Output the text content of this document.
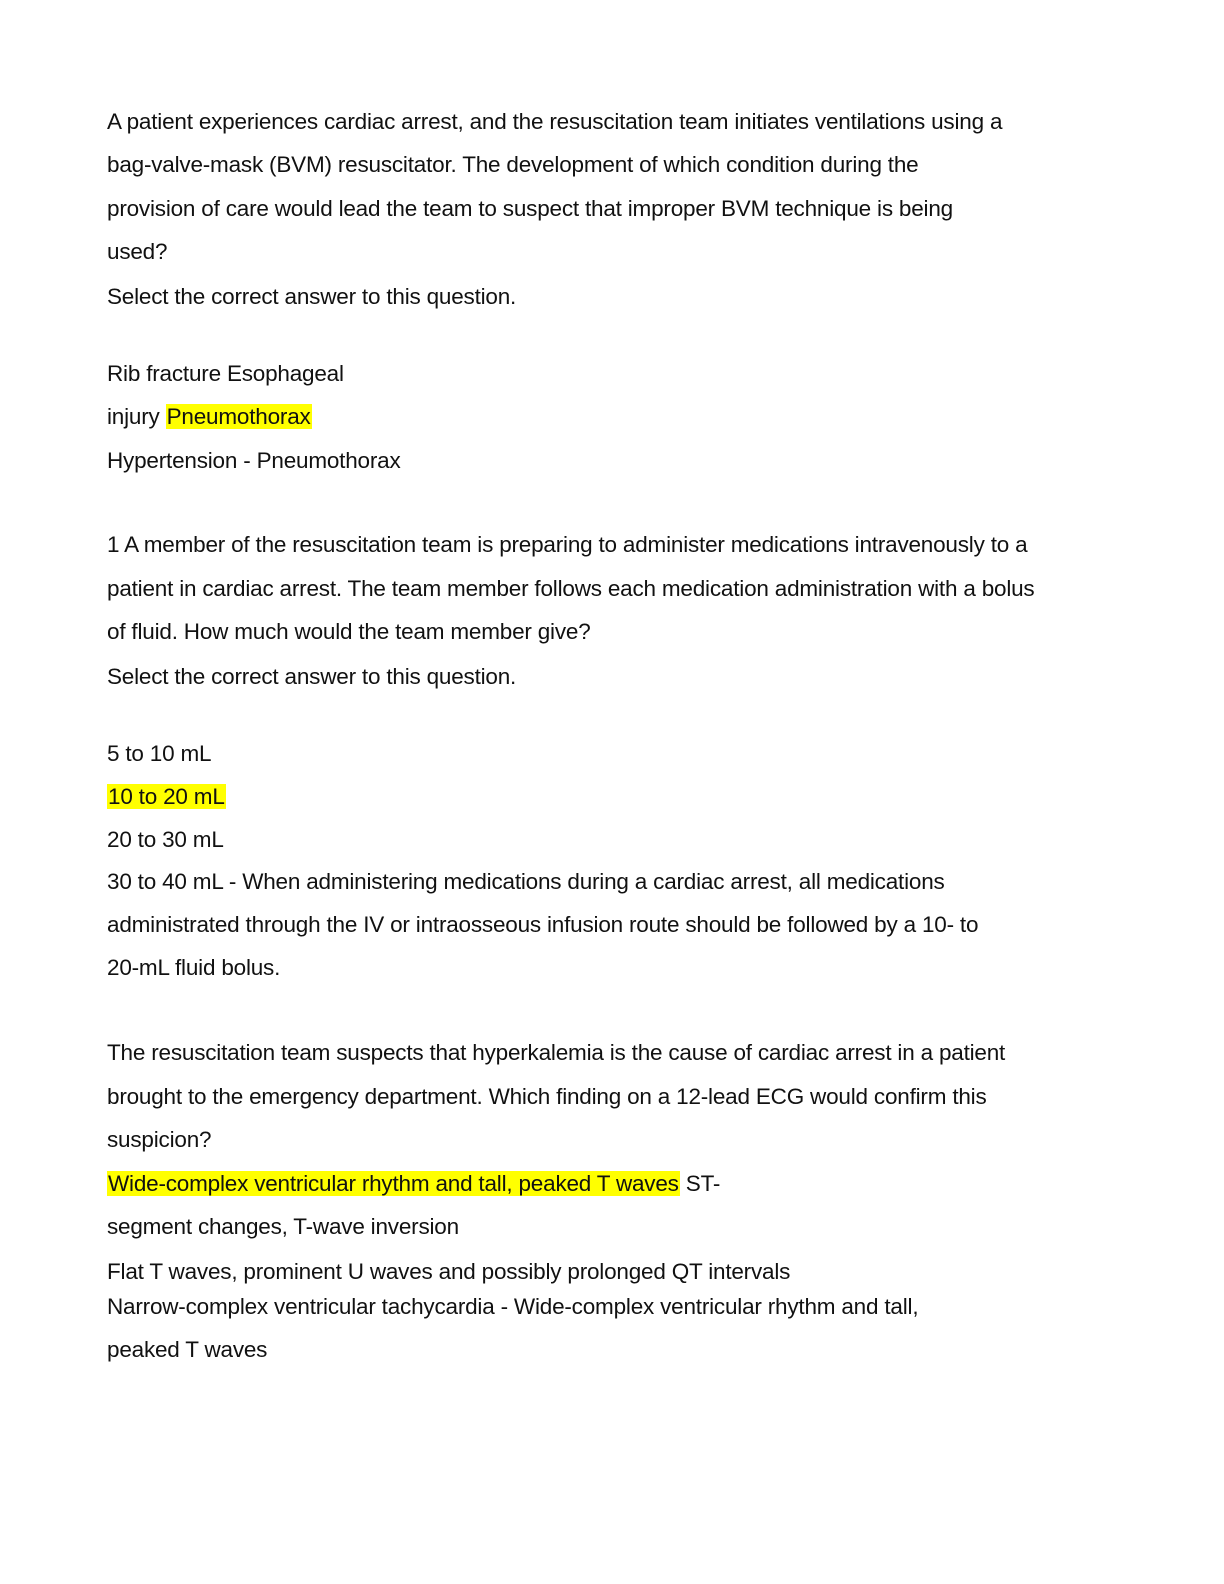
A patient experiences cardiac arrest, and the resuscitation team initiates ventilations using a
bag-valve-mask (BVM) resuscitator. The development of which condition during the
provision of care would lead the team to suspect that improper BVM technique is being
used?
Select the correct answer to this question.
Rib fracture Esophageal
injury Pneumothorax
Hypertension - Pneumothorax
1 A member of the resuscitation team is preparing to administer medications intravenously to a
patient in cardiac arrest. The team member follows each medication administration with a bolus
of fluid. How much would the team member give?
Select the correct answer to this question.
5 to 10 mL
10 to 20 mL
20 to 30 mL
30 to 40 mL - When administering medications during a cardiac arrest, all medications
administrated through the IV or intraosseous infusion route should be followed by a 10- to
20-mL fluid bolus.
The resuscitation team suspects that hyperkalemia is the cause of cardiac arrest in a patient
brought to the emergency department. Which finding on a 12-lead ECG would confirm this
suspicion?
Wide-complex ventricular rhythm and tall, peaked T waves ST-
segment changes, T-wave inversion
Flat T waves, prominent U waves and possibly prolonged QT intervals
Narrow-complex ventricular tachycardia - Wide-complex ventricular rhythm and tall,
peaked T waves
